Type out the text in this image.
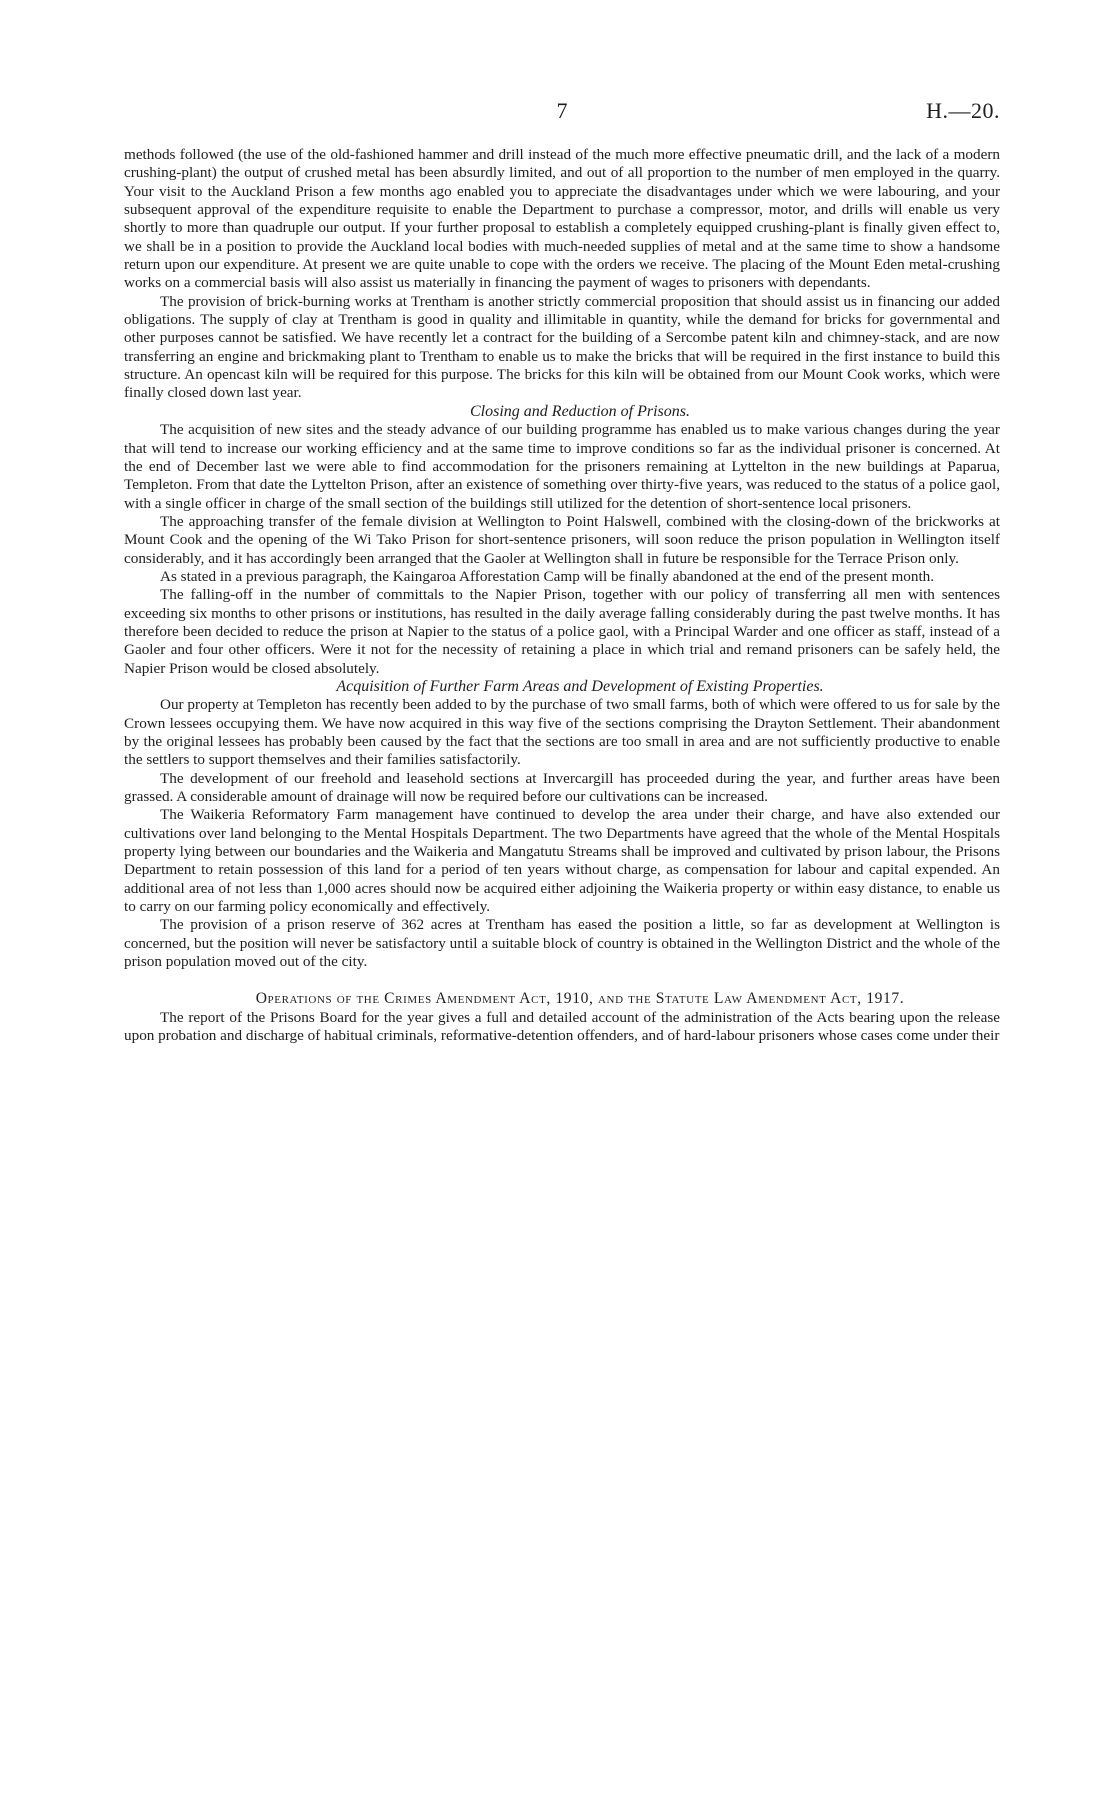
7	H.—20.

methods followed (the use of the old-fashioned hammer and drill instead of the much more effective pneumatic drill, and the lack of a modern crushing-plant) the output of crushed metal has been absurdly limited, and out of all proportion to the number of men employed in the quarry. Your visit to the Auckland Prison a few months ago enabled you to appreciate the disadvantages under which we were labouring, and your subsequent approval of the expenditure requisite to enable the Department to purchase a compressor, motor, and drills will enable us very shortly to more than quadruple our output. If your further proposal to establish a completely equipped crushing-plant is finally given effect to, we shall be in a position to provide the Auckland local bodies with much-needed supplies of metal and at the same time to show a handsome return upon our expenditure. At present we are quite unable to cope with the orders we receive. The placing of the Mount Eden metal-crushing works on a commercial basis will also assist us materially in financing the payment of wages to prisoners with dependants.

The provision of brick-burning works at Trentham is another strictly commercial proposition that should assist us in financing our added obligations. The supply of clay at Trentham is good in quality and illimitable in quantity, while the demand for bricks for governmental and other purposes cannot be satisfied. We have recently let a contract for the building of a Sercombe patent kiln and chimney-stack, and are now transferring an engine and brickmaking plant to Trentham to enable us to make the bricks that will be required in the first instance to build this structure. An opencast kiln will be required for this purpose. The bricks for this kiln will be obtained from our Mount Cook works, which were finally closed down last year.

Closing and Reduction of Prisons.

The acquisition of new sites and the steady advance of our building programme has enabled us to make various changes during the year that will tend to increase our working efficiency and at the same time to improve conditions so far as the individual prisoner is concerned. At the end of December last we were able to find accommodation for the prisoners remaining at Lyttelton in the new buildings at Paparua, Templeton. From that date the Lyttelton Prison, after an existence of something over thirty-five years, was reduced to the status of a police gaol, with a single officer in charge of the small section of the buildings still utilized for the detention of short-sentence local prisoners.

The approaching transfer of the female division at Wellington to Point Halswell, combined with the closing-down of the brickworks at Mount Cook and the opening of the Wi Tako Prison for short-sentence prisoners, will soon reduce the prison population in Wellington itself considerably, and it has accordingly been arranged that the Gaoler at Wellington shall in future be responsible for the Terrace Prison only.

As stated in a previous paragraph, the Kaingaroa Afforestation Camp will be finally abandoned at the end of the present month.

The falling-off in the number of committals to the Napier Prison, together with our policy of transferring all men with sentences exceeding six months to other prisons or institutions, has resulted in the daily average falling considerably during the past twelve months. It has therefore been decided to reduce the prison at Napier to the status of a police gaol, with a Principal Warder and one officer as staff, instead of a Gaoler and four other officers. Were it not for the necessity of retaining a place in which trial and remand prisoners can be safely held, the Napier Prison would be closed absolutely.

Acquisition of Further Farm Areas and Development of Existing Properties.

Our property at Templeton has recently been added to by the purchase of two small farms, both of which were offered to us for sale by the Crown lessees occupying them. We have now acquired in this way five of the sections comprising the Drayton Settlement. Their abandonment by the original lessees has probably been caused by the fact that the sections are too small in area and are not sufficiently productive to enable the settlers to support themselves and their families satisfactorily.

The development of our freehold and leasehold sections at Invercargill has proceeded during the year, and further areas have been grassed. A considerable amount of drainage will now be required before our cultivations can be increased.

The Waikeria Reformatory Farm management have continued to develop the area under their charge, and have also extended our cultivations over land belonging to the Mental Hospitals Department. The two Departments have agreed that the whole of the Mental Hospitals property lying between our boundaries and the Waikeria and Mangatutu Streams shall be improved and cultivated by prison labour, the Prisons Department to retain possession of this land for a period of ten years without charge, as compensation for labour and capital expended. An additional area of not less than 1,000 acres should now be acquired either adjoining the Waikeria property or within easy distance, to enable us to carry on our farming policy economically and effectively.

The provision of a prison reserve of 362 acres at Trentham has eased the position a little, so far as development at Wellington is concerned, but the position will never be satisfactory until a suitable block of country is obtained in the Wellington District and the whole of the prison population moved out of the city.

Operations of the Crimes Amendment Act, 1910, and the Statute Law Amendment Act, 1917.

The report of the Prisons Board for the year gives a full and detailed account of the administration of the Acts bearing upon the release upon probation and discharge of habitual criminals, reformative-detention offenders, and of hard-labour prisoners whose cases come under their
